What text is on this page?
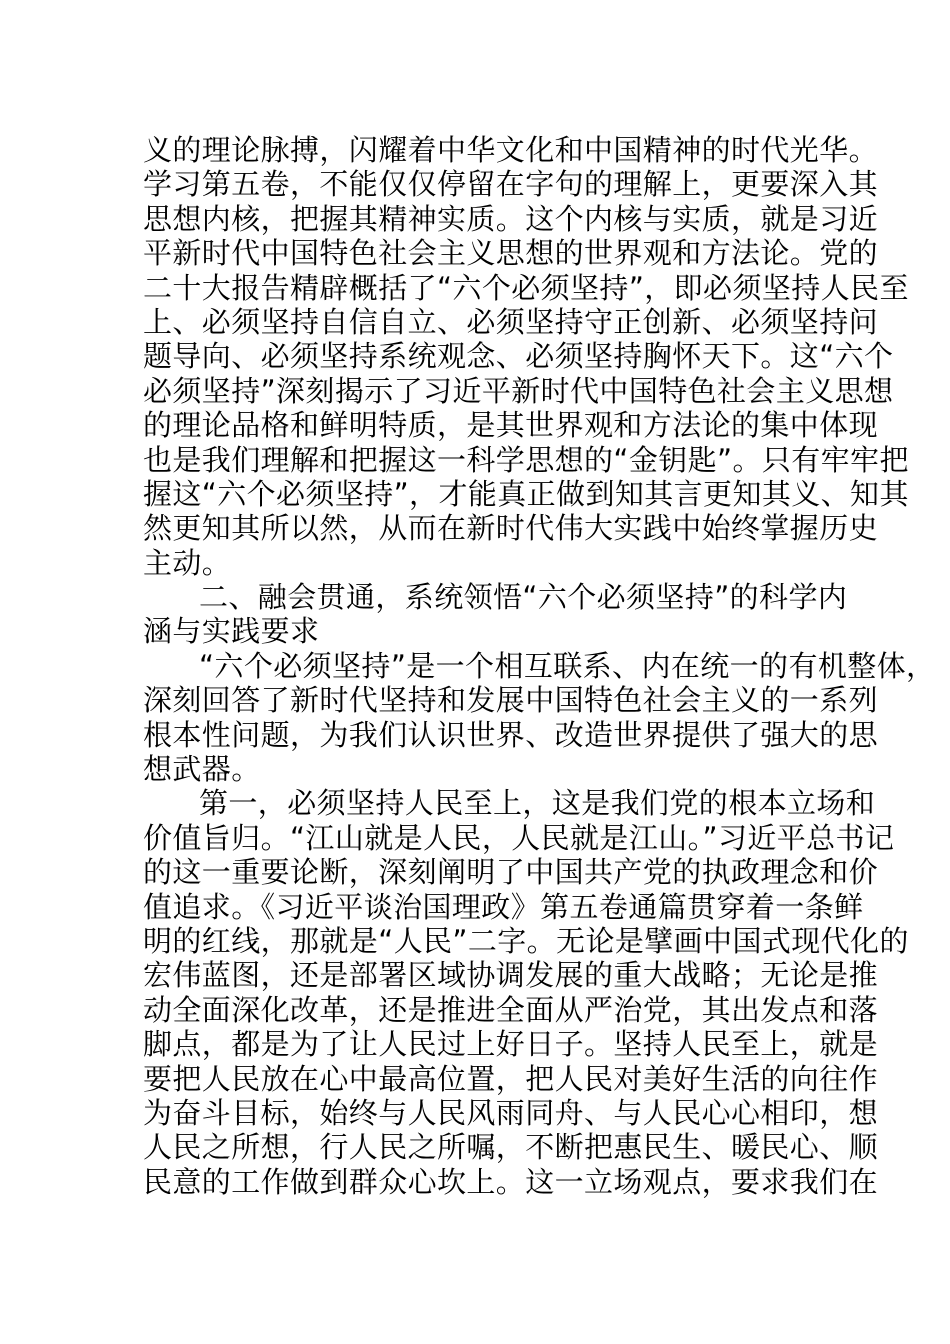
义的理论脉搏，闪耀着中华文化和中国精神的时代光华。
学习第五卷，不能仅仅停留在字句的理解上，更要深入其
思想内核，把握其精神实质。这个内核与实质，就是习近
平新时代中国特色社会主义思想的世界观和方法论。党的
二十大报告精辟概括了“六个必须坚持”，即必须坚持人民至
上、必须坚持自信自立、必须坚持守正创新、必须坚持问
题导向、必须坚持系统观念、必须坚持胸怀天下。这“六个
必须坚持”深刻揭示了习近平新时代中国特色社会主义思想
的理论品格和鲜明特质，是其世界观和方法论的集中体现
也是我们理解和把握这一科学思想的“金钥匙”。只有牢牢把
握这“六个必须坚持”，才能真正做到知其言更知其义、知其
然更知其所以然，从而在新时代伟大实践中始终掌握历史
主动。
二、融会贯通，系统领悟“六个必须坚持”的科学内
涵与实践要求
“六个必须坚持”是一个相互联系、内在统一的有机整体，
深刻回答了新时代坚持和发展中国特色社会主义的一系列
根本性问题，为我们认识世界、改造世界提供了强大的思
想武器。
第一，必须坚持人民至上，这是我们党的根本立场和
价值旨归。“江山就是人民，人民就是江山。”习近平总书记
的这一重要论断，深刻阐明了中国共产党的执政理念和价
值追求。《习近平谈治国理政》第五卷通篇贯穿着一条鲜
明的红线，那就是“人民”二字。无论是擘画中国式现代化的
宏伟蓝图，还是部署区域协调发展的重大战略；无论是推
动全面深化改革，还是推进全面从严治党，其出发点和落
脚点，都是为了让人民过上好日子。坚持人民至上，就是
要把人民放在心中最高位置，把人民对美好生活的向往作
为奋斗目标，始终与人民风雨同舟、与人民心心相印，想
人民之所想，行人民之所嘱，不断把惠民生、暖民心、顺
民意的工作做到群众心坎上。这一立场观点，要求我们在
